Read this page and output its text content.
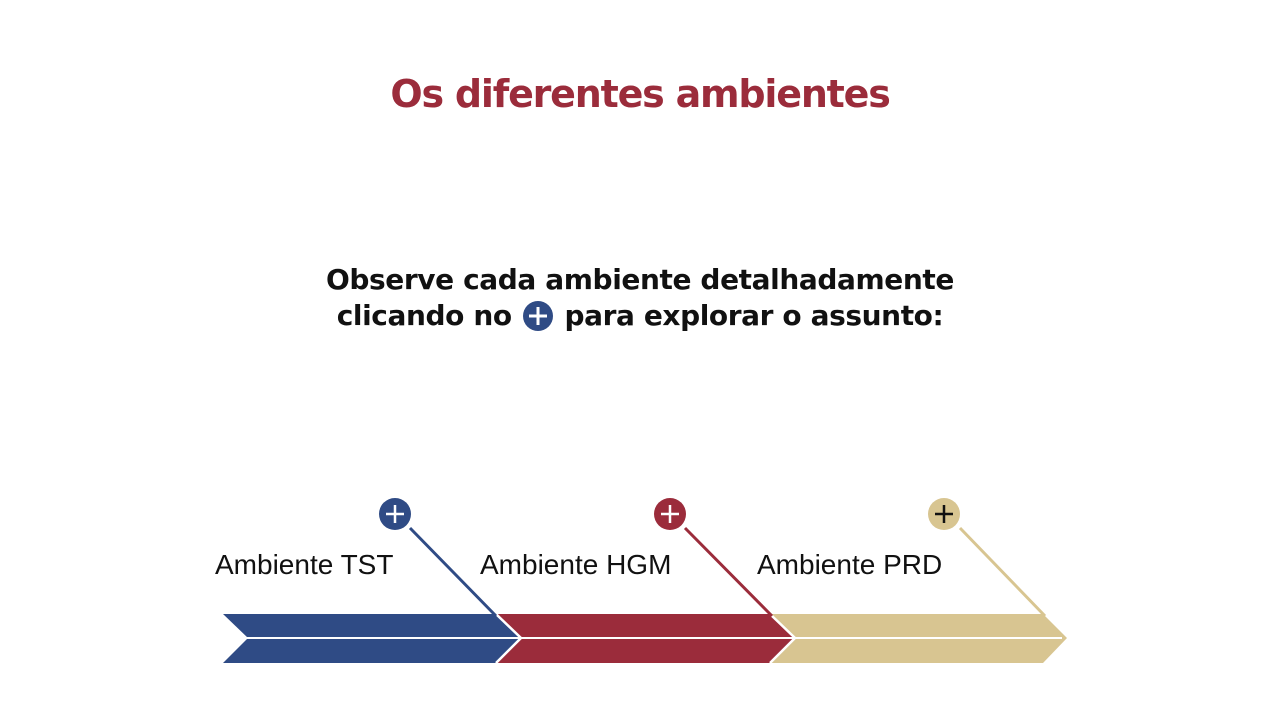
Os diferentes ambientes
Observe cada ambiente detalhadamente
clicando no para explorar o assunto:
Ambiente TST	Ambiente HGM	Ambiente PRD
